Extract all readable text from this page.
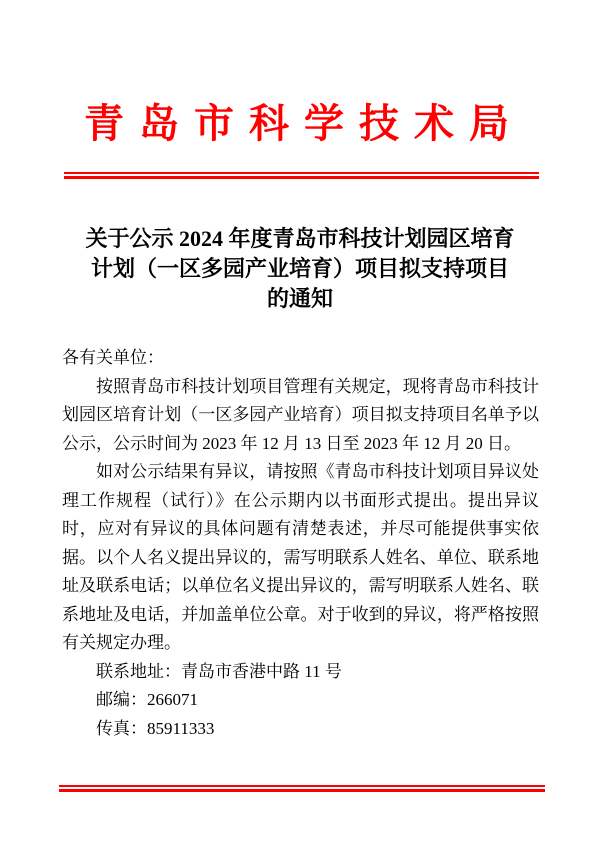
青岛市科学技术局
关于公示 2024 年度青岛市科技计划园区培育
计划（一区多园产业培育）项目拟支持项目
的通知

各有关单位：

按照青岛市科技计划项目管理有关规定，现将青岛市科技计划园区培育计划（一区多园产业培育）项目拟支持项目名单予以公示，公示时间为 2023 年 12 月 13 日至 2023 年 12 月 20 日。

如对公示结果有异议，请按照《青岛市科技计划项目异议处理工作规程（试行）》在公示期内以书面形式提出。提出异议时，应对有异议的具体问题有清楚表述，并尽可能提供事实依据。以个人名义提出异议的，需写明联系人姓名、单位、联系地址及联系电话；以单位名义提出异议的，需写明联系人姓名、联系地址及电话，并加盖单位公章。对于收到的异议，将严格按照有关规定办理。

联系地址：青岛市香港中路 11 号

邮编：266071

传真：85911333
